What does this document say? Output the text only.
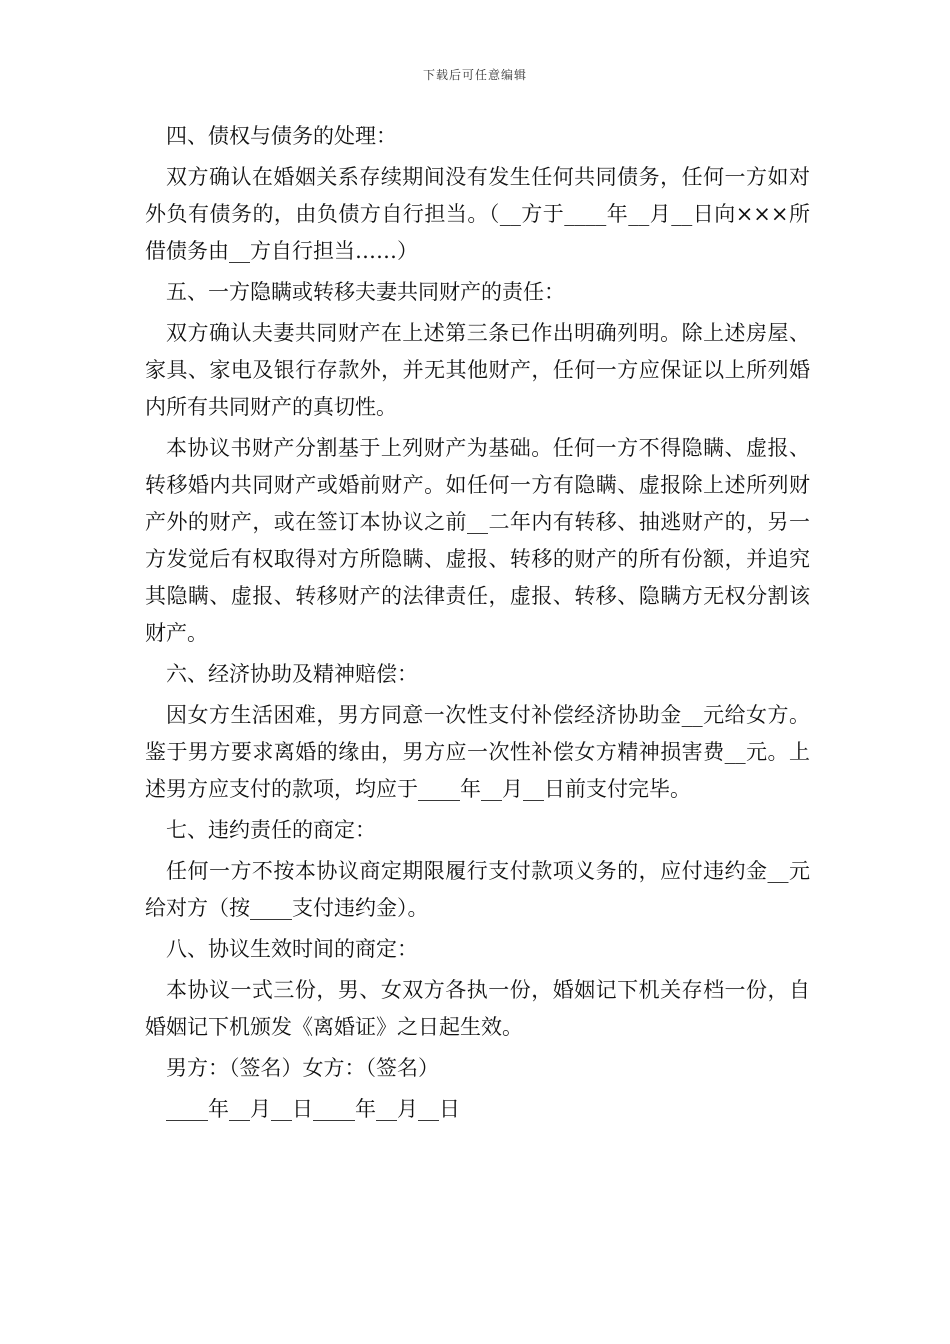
下载后可任意编辑

四、债权与债务的处理：

双方确认在婚姻关系存续期间没有发生任何共同债务，任何一方如对外负有债务的，由负债方自行担当。（__方于____年__月__日向×××所借债务由__方自行担当……）

五、一方隐瞒或转移夫妻共同财产的责任：

双方确认夫妻共同财产在上述第三条已作出明确列明。除上述房屋、家具、家电及银行存款外，并无其他财产，任何一方应保证以上所列婚内所有共同财产的真切性。

本协议书财产分割基于上列财产为基础。任何一方不得隐瞒、虚报、转移婚内共同财产或婚前财产。如任何一方有隐瞒、虚报除上述所列财产外的财产，或在签订本协议之前__二年内有转移、抽逃财产的，另一方发觉后有权取得对方所隐瞒、虚报、转移的财产的所有份额，并追究其隐瞒、虚报、转移财产的法律责任，虚报、转移、隐瞒方无权分割该财产。

六、经济协助及精神赔偿：

因女方生活困难，男方同意一次性支付补偿经济协助金__元给女方。鉴于男方要求离婚的缘由，男方应一次性补偿女方精神损害费__元。上述男方应支付的款项，均应于____年__月__日前支付完毕。

七、违约责任的商定：

任何一方不按本协议商定期限履行支付款项义务的，应付违约金__元给对方（按____支付违约金）。

八、协议生效时间的商定：

本协议一式三份，男、女双方各执一份，婚姻记下机关存档一份，自婚姻记下机颁发《离婚证》之日起生效。

男方：（签名）女方：（签名）

____年__月__日____年__月__日
